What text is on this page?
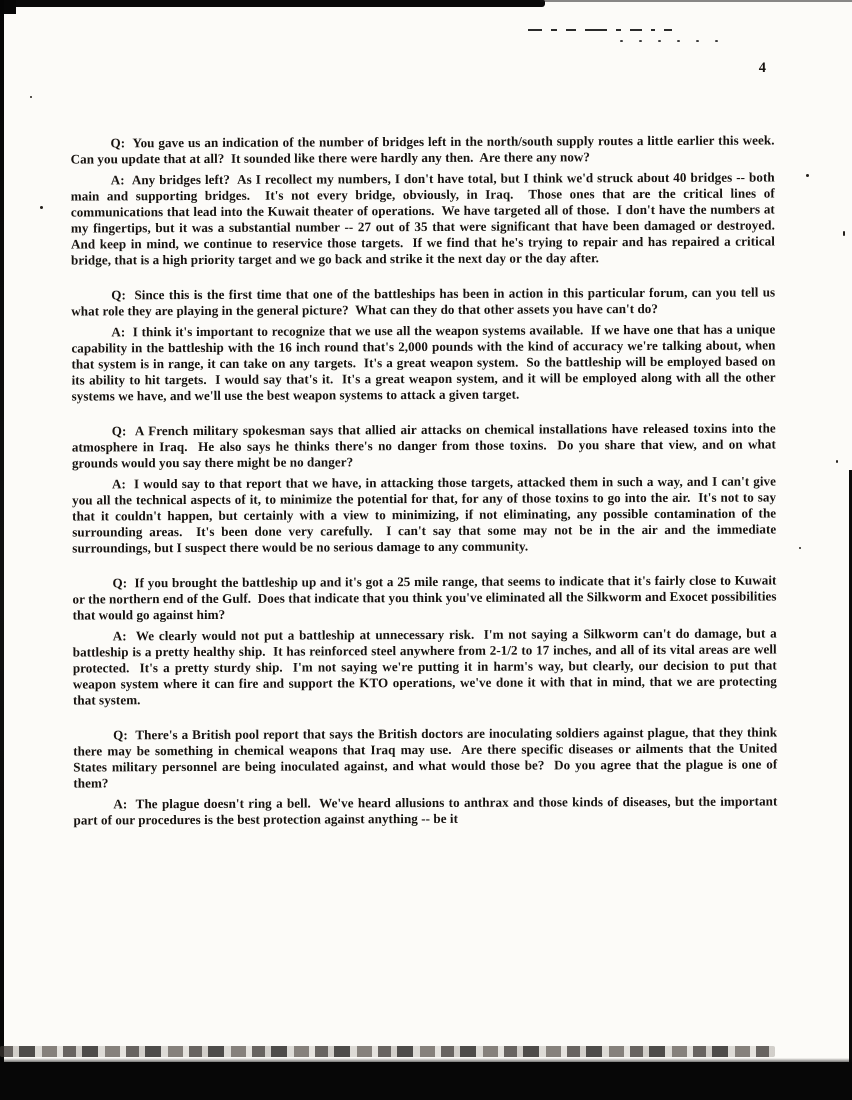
4

Q:  You gave us an indication of the number of bridges left in the north/south supply routes a little earlier this week.  Can you update that at all?  It sounded like there were hardly any then.  Are there any now?

A:  Any bridges left?  As I recollect my numbers, I don't have total, but I think we'd struck about 40 bridges -- both main and supporting bridges.  It's not every bridge, obviously, in Iraq.  Those ones that are the critical lines of communications that lead into the Kuwait theater of operations.  We have targeted all of those.  I don't have the numbers at my fingertips, but it was a substantial number -- 27 out of 35 that were significant that have been damaged or destroyed.  And keep in mind, we continue to reservice those targets.  If we find that he's trying to repair and has repaired a critical bridge, that is a high priority target and we go back and strike it the next day or the day after.

Q:  Since this is the first time that one of the battleships has been in action in this particular forum, can you tell us what role they are playing in the general picture?  What can they do that other assets you have can't do?

A:  I think it's important to recognize that we use all the weapon systems available.  If we have one that has a unique capability in the battleship with the 16 inch round that's 2,000 pounds with the kind of accuracy we're talking about, when that system is in range, it can take on any targets.  It's a great weapon system.  So the battleship will be employed based on its ability to hit targets.  I would say that's it.  It's a great weapon system, and it will be employed along with all the other systems we have, and we'll use the best weapon systems to attack a given target.

Q:  A French military spokesman says that allied air attacks on chemical installations have released toxins into the atmosphere in Iraq.  He also says he thinks there's no danger from those toxins.  Do you share that view, and on what grounds would you say there might be no danger?

A:  I would say to that report that we have, in attacking those targets, attacked them in such a way, and I can't give you all the technical aspects of it, to minimize the potential for that, for any of those toxins to go into the air.  It's not to say that it couldn't happen, but certainly with a view to minimizing, if not eliminating, any possible contamination of the surrounding areas.  It's been done very carefully.  I can't say that some may not be in the air and the immediate surroundings, but I suspect there would be no serious damage to any community.

Q:  If you brought the battleship up and it's got a 25 mile range, that seems to indicate that it's fairly close to Kuwait or the northern end of the Gulf.  Does that indicate that you think you've eliminated all the Silkworm and Exocet possibilities that would go against him?

A:  We clearly would not put a battleship at unnecessary risk.  I'm not saying a Silkworm can't do damage, but a battleship is a pretty healthy ship.  It has reinforced steel anywhere from 2-1/2 to 17 inches, and all of its vital areas are well protected.  It's a pretty sturdy ship.  I'm not saying we're putting it in harm's way, but clearly, our decision to put that weapon system where it can fire and support the KTO operations, we've done it with that in mind, that we are protecting that system.

Q:  There's a British pool report that says the British doctors are inoculating soldiers against plague, that they think there may be something in chemical weapons that Iraq may use.  Are there specific diseases or ailments that the United States military personnel are being inoculated against, and what would those be?  Do you agree that the plague is one of them?

A:  The plague doesn't ring a bell.  We've heard allusions to anthrax and those kinds of diseases, but the important part of our procedures is the best protection against anything -- be it
